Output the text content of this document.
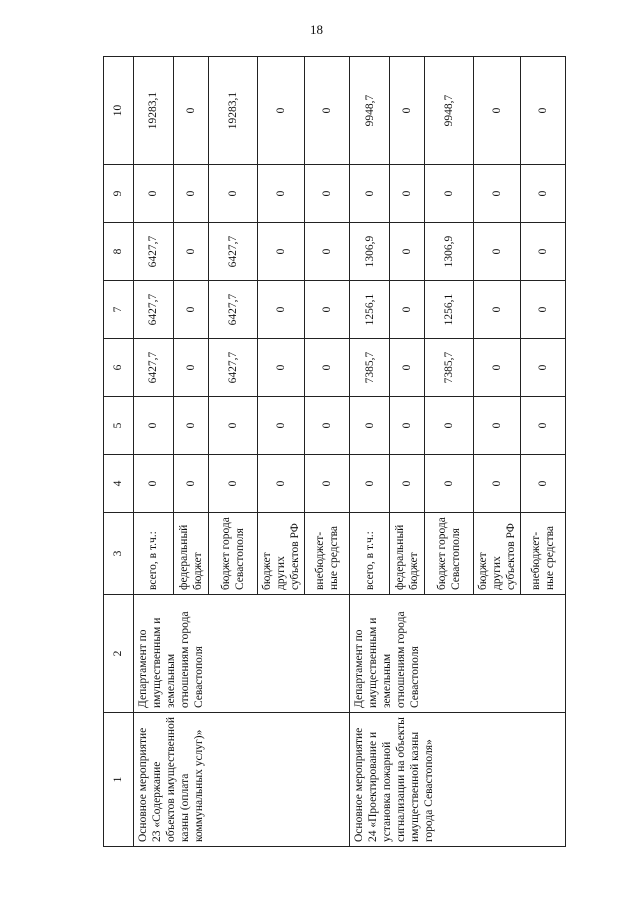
18
1	2	3	4	5	6	7	8	9	10
Основное мероприятие 23 «Содержание объектов имущественной казны (оплата коммунальных услуг)»	Департамент по имущественным и земельным отношениям города Севастополя	всего, в т.ч.:	0	0	6427,7	6427,7	6427,7	0	19283,1
		федеральный бюджет	0	0	0	0	0	0	0
		бюджет города Севастополя	0	0	6427,7	6427,7	6427,7	0	19283,1
		бюджет других субъектов РФ	0	0	0	0	0	0	0
		внебюджет-ные средства	0	0	0	0	0	0	0
Основное мероприятие 24 «Проектирование и установка пожарной сигнализации на объекты имущественной казны города Севастополя»	Департамент по имущественным и земельным отношениям города Севастополя	всего, в т.ч.:	0	0	7385,7	1256,1	1306,9	0	9948,7
		федеральный бюджет	0	0	0	0	0	0	0
		бюджет города Севастополя	0	0	7385,7	1256,1	1306,9	0	9948,7
		бюджет других субъектов РФ	0	0	0	0	0	0	0
		внебюджет-ные средства	0	0	0	0	0	0	0
